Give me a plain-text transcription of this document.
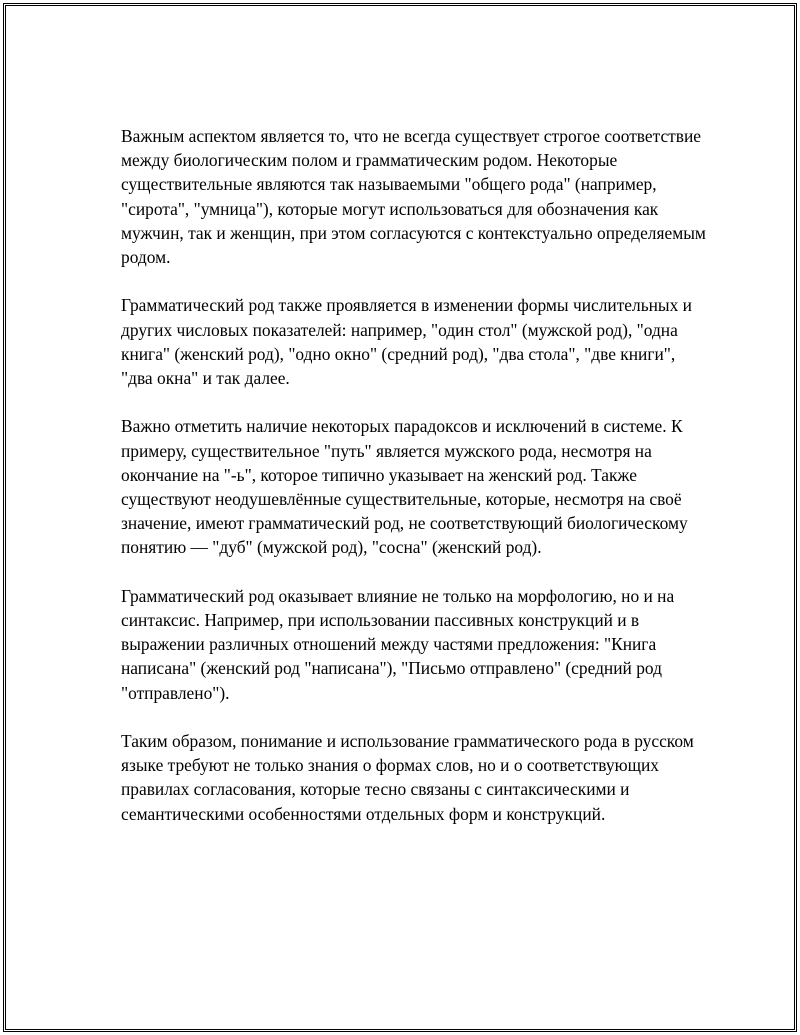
Важным аспектом является то, что не всегда существует строгое соответствие между биологическим полом и грамматическим родом. Некоторые существительные являются так называемыми "общего рода" (например, "сирота", "умница"), которые могут использоваться для обозначения как мужчин, так и женщин, при этом согласуются с контекстуально определяемым родом.

Грамматический род также проявляется в изменении формы числительных и других числовых показателей: например, "один стол" (мужской род), "одна книга" (женский род), "одно окно" (средний род), "два стола", "две книги", "два окна" и так далее.

Важно отметить наличие некоторых парадоксов и исключений в системе. К примеру, существительное "путь" является мужского рода, несмотря на окончание на "-ь", которое типично указывает на женский род. Также существуют неодушевлённые существительные, которые, несмотря на своё значение, имеют грамматический род, не соответствующий биологическому понятию — "дуб" (мужской род), "сосна" (женский род).

Грамматический род оказывает влияние не только на морфологию, но и на синтаксис. Например, при использовании пассивных конструкций и в выражении различных отношений между частями предложения: "Книга написана" (женский род "написана"), "Письмо отправлено" (средний род "отправлено").

Таким образом, понимание и использование грамматического рода в русском языке требуют не только знания о формах слов, но и о соответствующих правилах согласования, которые тесно связаны с синтаксическими и семантическими особенностями отдельных форм и конструкций.
